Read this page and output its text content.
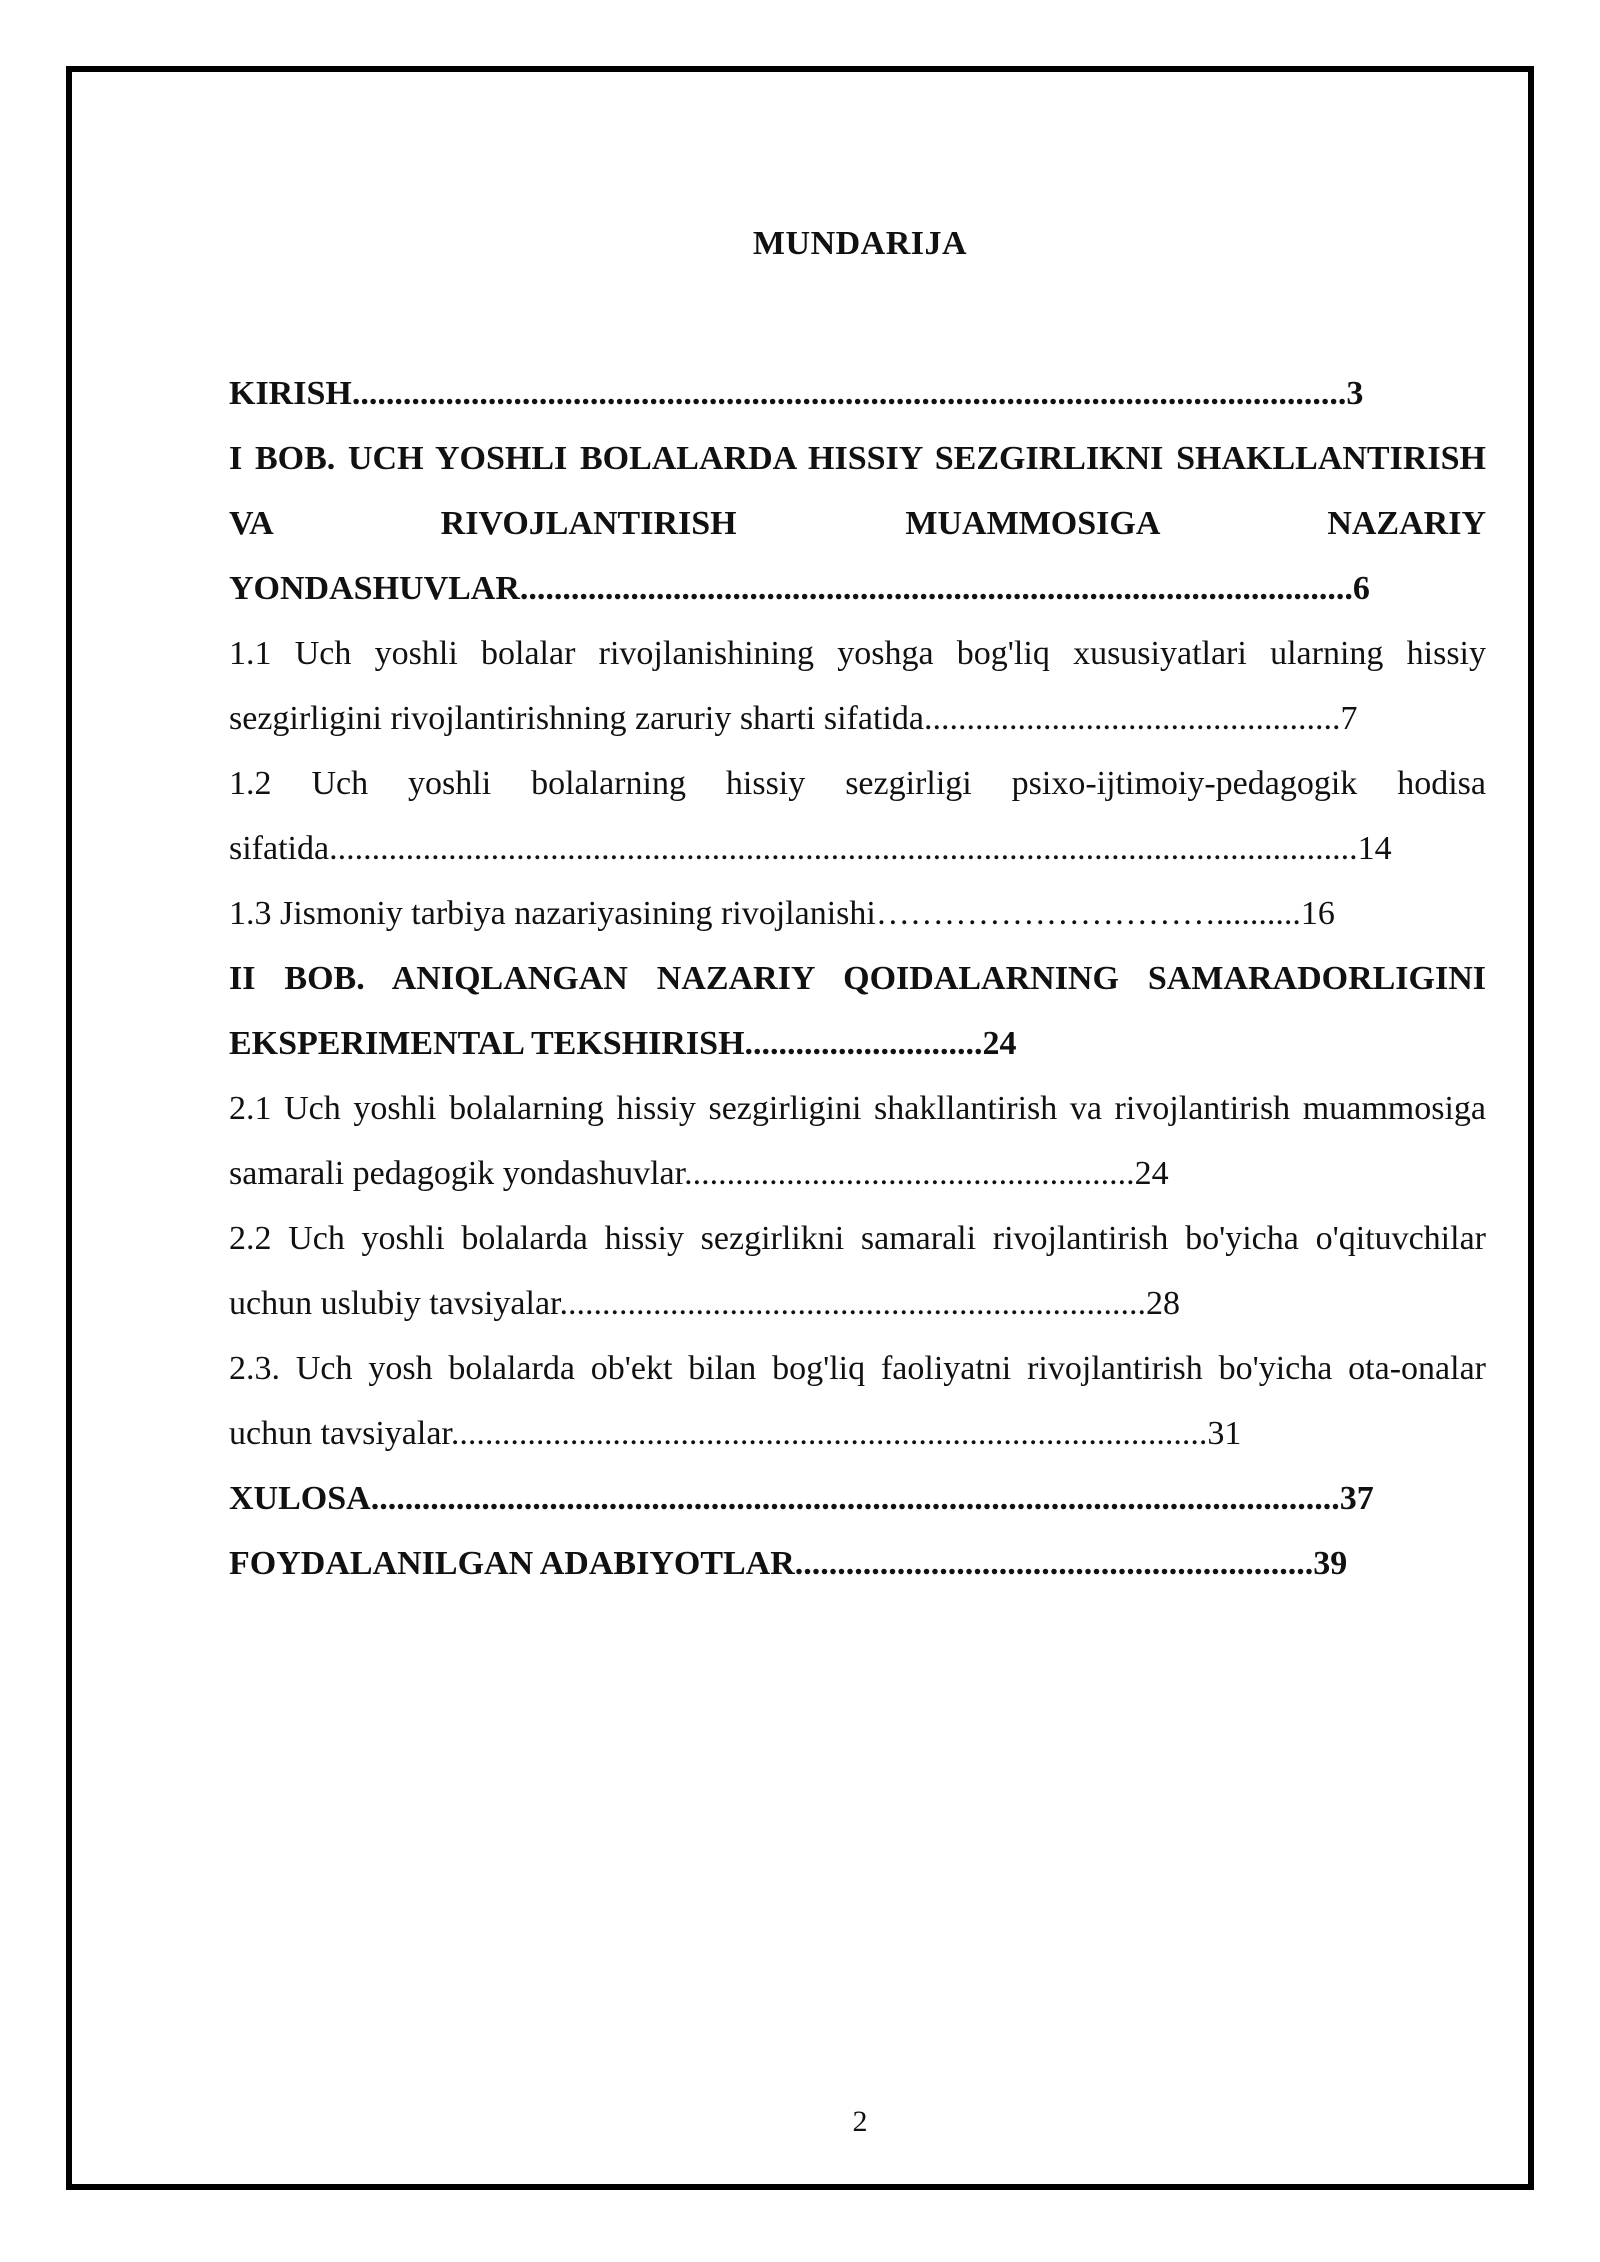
MUNDARIJA

KIRISH.....................................................................................................................3

I BOB. UCH YOSHLI BOLALARDA HISSIY SEZGIRLIKNI SHAKLLANTIRISH VA RIVOJLANTIRISH MUAMMOSIGA NAZARIY YONDASHUVLAR..................................................................................................6

1.1 Uch yoshli bolalar rivojlanishining yoshga bog'liq xususiyatlari ularning hissiy sezgirligini rivojlantirishning zaruriy sharti sifatida.................................................7

1.2 Uch yoshli bolalarning hissiy sezgirligi psixo-ijtimoiy-pedagogik hodisa sifatida.........................................................................................................................14

1.3 Jismoniy tarbiya nazariyasining rivojlanishi…………………………..........16

II BOB. ANIQLANGAN NAZARIY QOIDALARNING SAMARADORLIGINI EKSPERIMENTAL TEKSHIRISH............................24

2.1 Uch yoshli bolalarning hissiy sezgirligini shakllantirish va rivojlantirish muammosiga samarali pedagogik yondashuvlar.....................................................24

2.2 Uch yoshli bolalarda hissiy sezgirlikni samarali rivojlantirish bo'yicha o'qituvchilar uchun uslubiy tavsiyalar.....................................................................28

2.3. Uch yosh bolalarda ob'ekt bilan bog'liq faoliyatni rivojlantirish bo'yicha ota-onalar uchun tavsiyalar.........................................................................................31

XULOSA..................................................................................................................37

FOYDALANILGAN ADABIYOTLAR.............................................................39

2
